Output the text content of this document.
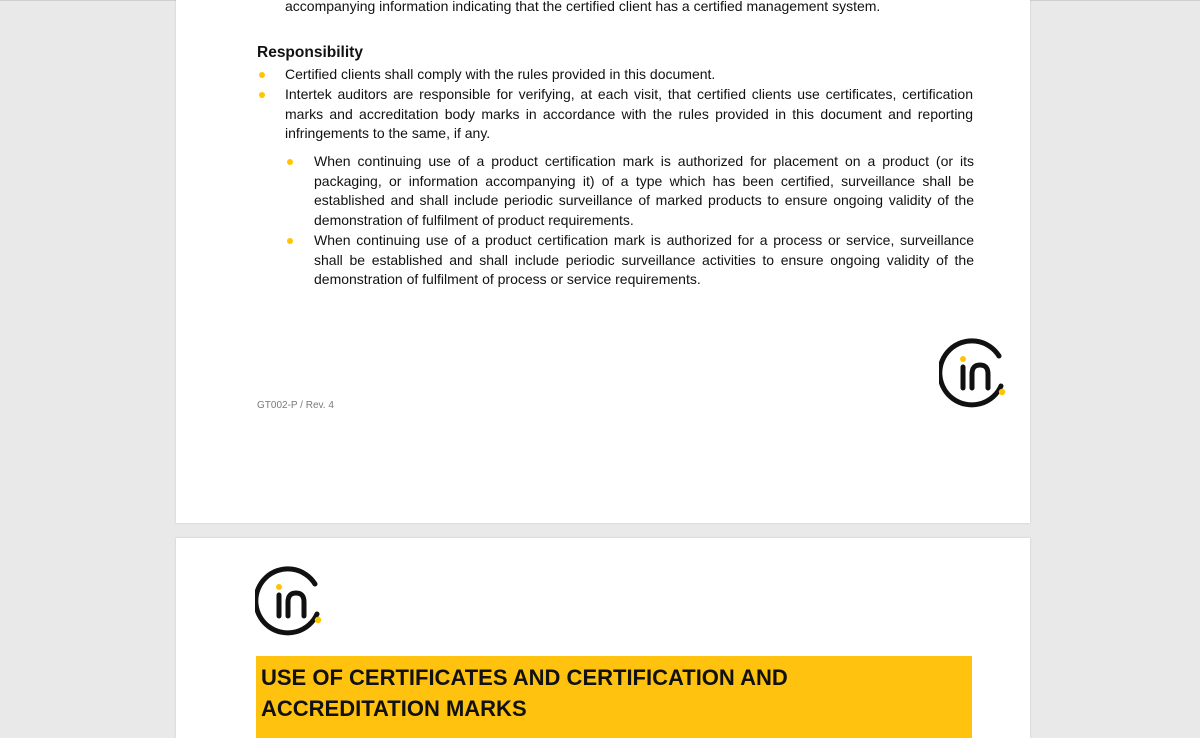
accompanying information indicating that the certified client has a certified management system.
Responsibility
Certified clients shall comply with the rules provided in this document.
Intertek auditors are responsible for verifying, at each visit, that certified clients use certificates, certification marks and accreditation body marks in accordance with the rules provided in this document and reporting infringements to the same, if any.
When continuing use of a product certification mark is authorized for placement on a product (or its packaging, or information accompanying it) of a type which has been certified, surveillance shall be established and shall include periodic surveillance of marked products to ensure ongoing validity of the demonstration of fulfilment of product requirements.
When continuing use of a product certification mark is authorized for a process or service, surveillance shall be established and shall include periodic surveillance activities to ensure ongoing validity of the demonstration of fulfilment of process or service requirements.
GT002-P / Rev. 4
USE OF CERTIFICATES AND CERTIFICATION AND ACCREDITATION MARKS
